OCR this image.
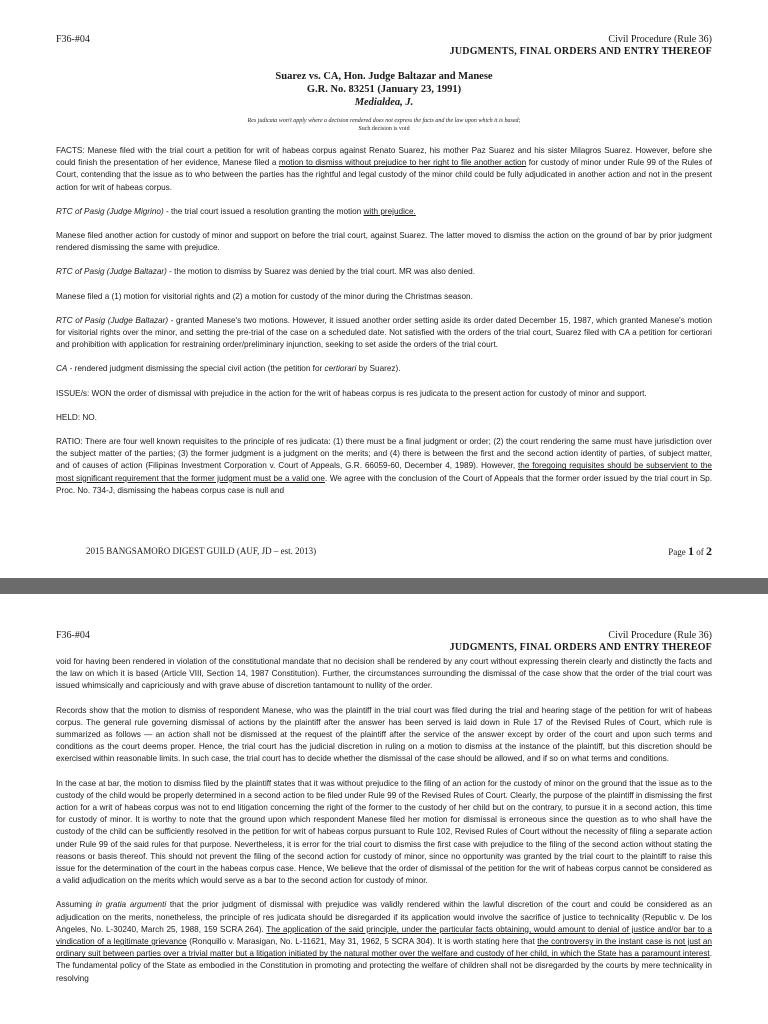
F36-#04	Civil Procedure (Rule 36)
JUDGMENTS, FINAL ORDERS AND ENTRY THEREOF
Suarez vs. CA, Hon. Judge Baltazar and Manese
G.R. No. 83251 (January 23, 1991)
Medialdea, J.
Res judicata won't apply where a decision rendered does not express the facts and the law upon which it is based;
Such decision is void

FACTS: Manese filed with the trial court a petition for writ of habeas corpus against Renato Suarez, his mother Paz Suarez and his sister Milagros Suarez. However, before she could finish the presentation of her evidence, Manese filed a motion to dismiss without prejudice to her right to file another action for custody of minor under Rule 99 of the Rules of Court, contending that the issue as to who between the parties has the rightful and legal custody of the minor child could be fully adjudicated in another action and not in the present action for writ of habeas corpus.

RTC of Pasig (Judge Migrino) - the trial court issued a resolution granting the motion with prejudice.

Manese filed another action for custody of minor and support on before the trial court, against Suarez. The latter moved to dismiss the action on the ground of bar by prior judgment rendered dismissing the same with prejudice.

RTC of Pasig (Judge Baltazar) - the motion to dismiss by Suarez was denied by the trial court. MR was also denied.

Manese filed a (1) motion for visitorial rights and (2) a motion for custody of the minor during the Christmas season.

RTC of Pasig (Judge Baltazar) - granted Manese's two motions. However, it issued another order setting aside its order dated December 15, 1987, which granted Manese's motion for visitorial rights over the minor, and setting the pre-trial of the case on a scheduled date. Not satisfied with the orders of the trial court, Suarez filed with CA a petition for certiorari and prohibition with application for restraining order/preliminary injunction, seeking to set aside the orders of the trial court.

CA - rendered judgment dismissing the special civil action (the petition for certiorari by Suarez).

ISSUE/s: WON the order of dismissal with prejudice in the action for the writ of habeas corpus is res judicata to the present action for custody of minor and support.

HELD: NO.

RATIO: There are four well known requisites to the principle of res judicata: (1) there must be a final judgment or order; (2) the court rendering the same must have jurisdiction over the subject matter of the parties; (3) the former judgment is a judgment on the merits; and (4) there is between the first and the second action identity of parties, of subject matter, and of causes of action (Filipinas Investment Corporation v. Court of Appeals, G.R. 66059-60, December 4, 1989). However, the foregoing requisites should be subservient to the most significant requirement that the former judgment must be a valid one. We agree with the conclusion of the Court of Appeals that the former order issued by the trial court in Sp. Proc. No. 734-J, dismissing the habeas corpus case is null and

2015 BANGSAMORO DIGEST GUILD (AUF, JD – est. 2013)	Page 1 of 2
F36-#04	Civil Procedure (Rule 36)
JUDGMENTS, FINAL ORDERS AND ENTRY THEREOF

void for having been rendered in violation of the constitutional mandate that no decision shall be rendered by any court without expressing therein clearly and distinctly the facts and the law on which it is based (Article VIII, Section 14, 1987 Constitution). Further, the circumstances surrounding the dismissal of the case show that the order of the trial court was issued whimsically and capriciously and with grave abuse of discretion tantamount to nullity of the order.

Records show that the motion to dismiss of respondent Manese, who was the plaintiff in the trial court was filed during the trial and hearing stage of the petition for writ of habeas corpus. The general rule governing dismissal of actions by the plaintiff after the answer has been served is laid down in Rule 17 of the Revised Rules of Court, which rule is summarized as follows — an action shall not be dismissed at the request of the plaintiff after the service of the answer except by order of the court and upon such terms and conditions as the court deems proper. Hence, the trial court has the judicial discretion in ruling on a motion to dismiss at the instance of the plaintiff, but this discretion should be exercised within reasonable limits. In such case, the trial court has to decide whether the dismissal of the case should be allowed, and if so on what terms and conditions.

In the case at bar, the motion to dismiss filed by the plaintiff states that it was without prejudice to the filing of an action for the custody of minor on the ground that the issue as to the custody of the child would be properly determined in a second action to be filed under Rule 99 of the Revised Rules of Court. Clearly, the purpose of the plaintiff in dismissing the first action for a writ of habeas corpus was not to end litigation concerning the right of the former to the custody of her child but on the contrary, to pursue it in a second action, this time for custody of minor. It is worthy to note that the ground upon which respondent Manese filed her motion for dismissal is erroneous since the question as to who shall have the custody of the child can be sufficiently resolved in the petition for writ of habeas corpus pursuant to Rule 102, Revised Rules of Court without the necessity of filing a separate action under Rule 99 of the said rules for that purpose. Nevertheless, it is error for the trial court to dismiss the first case with prejudice to the filing of the second action without stating the reasons or basis thereof. This should not prevent the filing of the second action for custody of minor, since no opportunity was granted by the trial court to the plaintiff to raise this issue for the determination of the court in the habeas corpus case. Hence, We believe that the order of dismissal of the petition for the writ of habeas corpus cannot be considered as a valid adjudication on the merits which would serve as a bar to the second action for custody of minor.

Assuming in gratia argumenti that the prior judgment of dismissal with prejudice was validly rendered within the lawful discretion of the court and could be considered as an adjudication on the merits, nonetheless, the principle of res judicata should be disregarded if its application would involve the sacrifice of justice to technicality (Republic v. De los Angeles, No. L-30240, March 25, 1988, 159 SCRA 264). The application of the said principle, under the particular facts obtaining, would amount to denial of justice and/or bar to a vindication of a legitimate grievance (Ronquillo v. Marasigan, No. L-11621, May 31, 1962, 5 SCRA 304). It is worth stating here that the controversy in the instant case is not just an ordinary suit between parties over a trivial matter but a litigation initiated by the natural mother over the welfare and custody of her child, in which the State has a paramount interest. The fundamental policy of the State as embodied in the Constitution in promoting and protecting the welfare of children shall not be disregarded by the courts by mere technicality in resolving
